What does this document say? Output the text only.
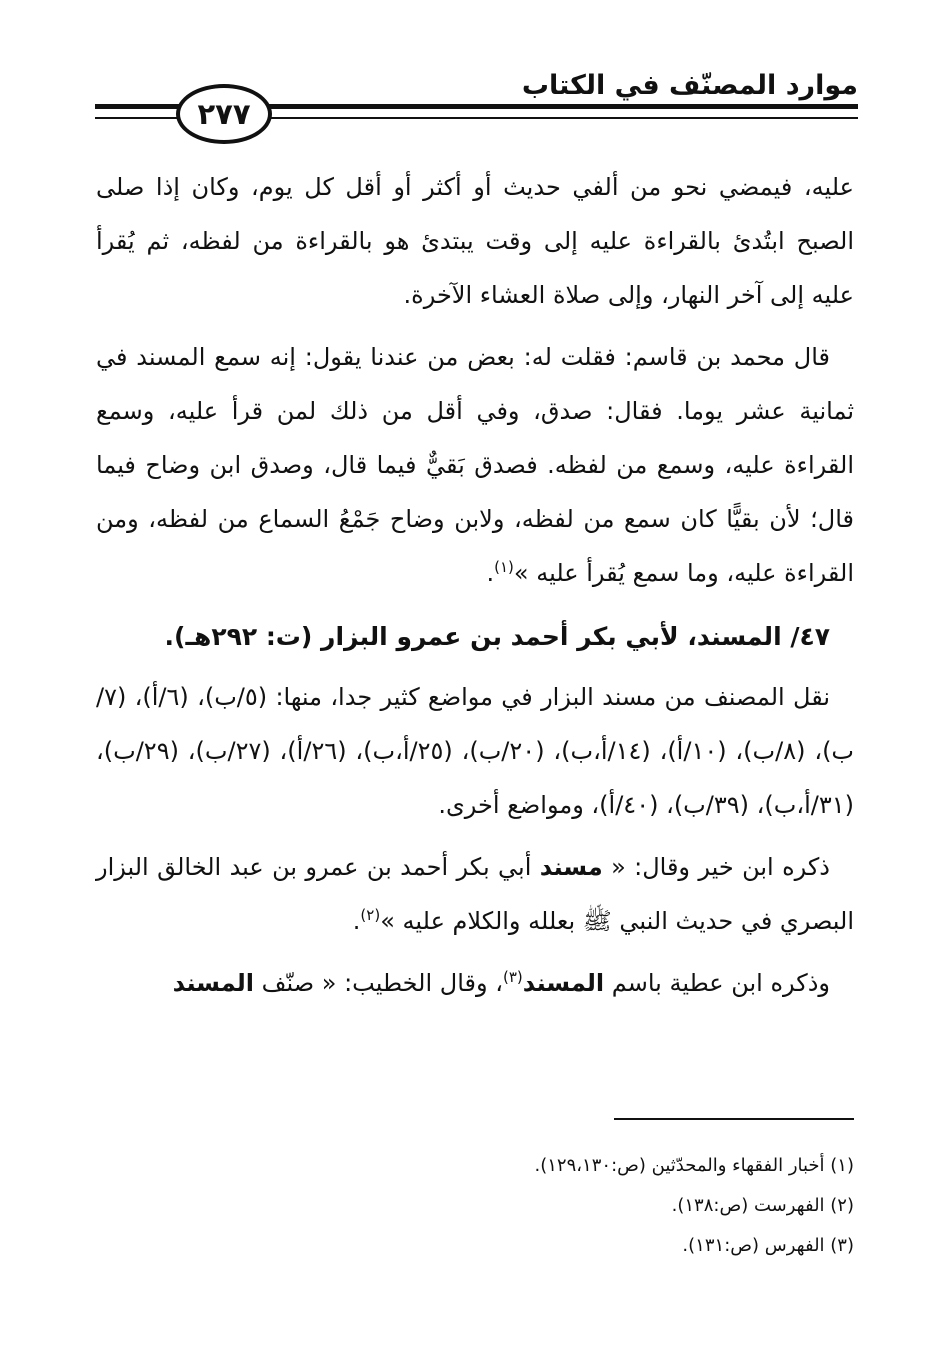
موارد المصنّف في الكتاب
٢٧٧

عليه، فيمضي نحو من ألفي حديث أو أكثر أو أقل كل يوم، وكان إذا صلى الصبح ابتُدئ بالقراءة عليه إلى وقت يبتدئ هو بالقراءة من لفظه، ثم يُقرأ عليه إلى آخر النهار، وإلى صلاة العشاء الآخرة.

قال محمد بن قاسم: فقلت له: بعض من عندنا يقول: إنه سمع المسند في ثمانية عشر يوما. فقال: صدق، وفي أقل من ذلك لمن قرأ عليه، وسمع القراءة عليه، وسمع من لفظه. فصدق بَقيٌّ فيما قال، وصدق ابن وضاح فيما قال؛ لأن بقيًّا كان سمع من لفظه، ولابن وضاح جَمْعُ السماع من لفظه، ومن القراءة عليه، وما سمع يُقرأ عليه »$^{(١)}$.

٤٧/ المسند، لأبي بكر أحمد بن عمرو البزار (ت: ٢٩٢هـ).

نقل المصنف من مسند البزار في مواضع كثير جدا، منها: (٥/ب)، (٦/أ)، (٧/ب)، (٨/ب)، (١٠/أ)، (١٤/أ،ب)، (٢٠/ب)، (٢٥/أ،ب)، (٢٦/أ)، (٢٧/ب)، (٢٩/ب)، (٣١/أ،ب)، (٣٩/ب)، (٤٠/أ)، ومواضع أخرى.

ذكره ابن خير وقال: « مسند أبي بكر أحمد بن عمرو بن عبد الخالق البزار البصري في حديث النبي ﷺ بعلله والكلام عليه »$^{(٢)}$.

وذكره ابن عطية باسم المسند$^{(٣)}$، وقال الخطيب: « صنّف المسند

(١) أخبار الفقهاء والمحدّثين (ص:١٢٩،١٣٠).

(٢) الفهرست (ص:١٣٨).

(٣) الفهرس (ص:١٣١).
